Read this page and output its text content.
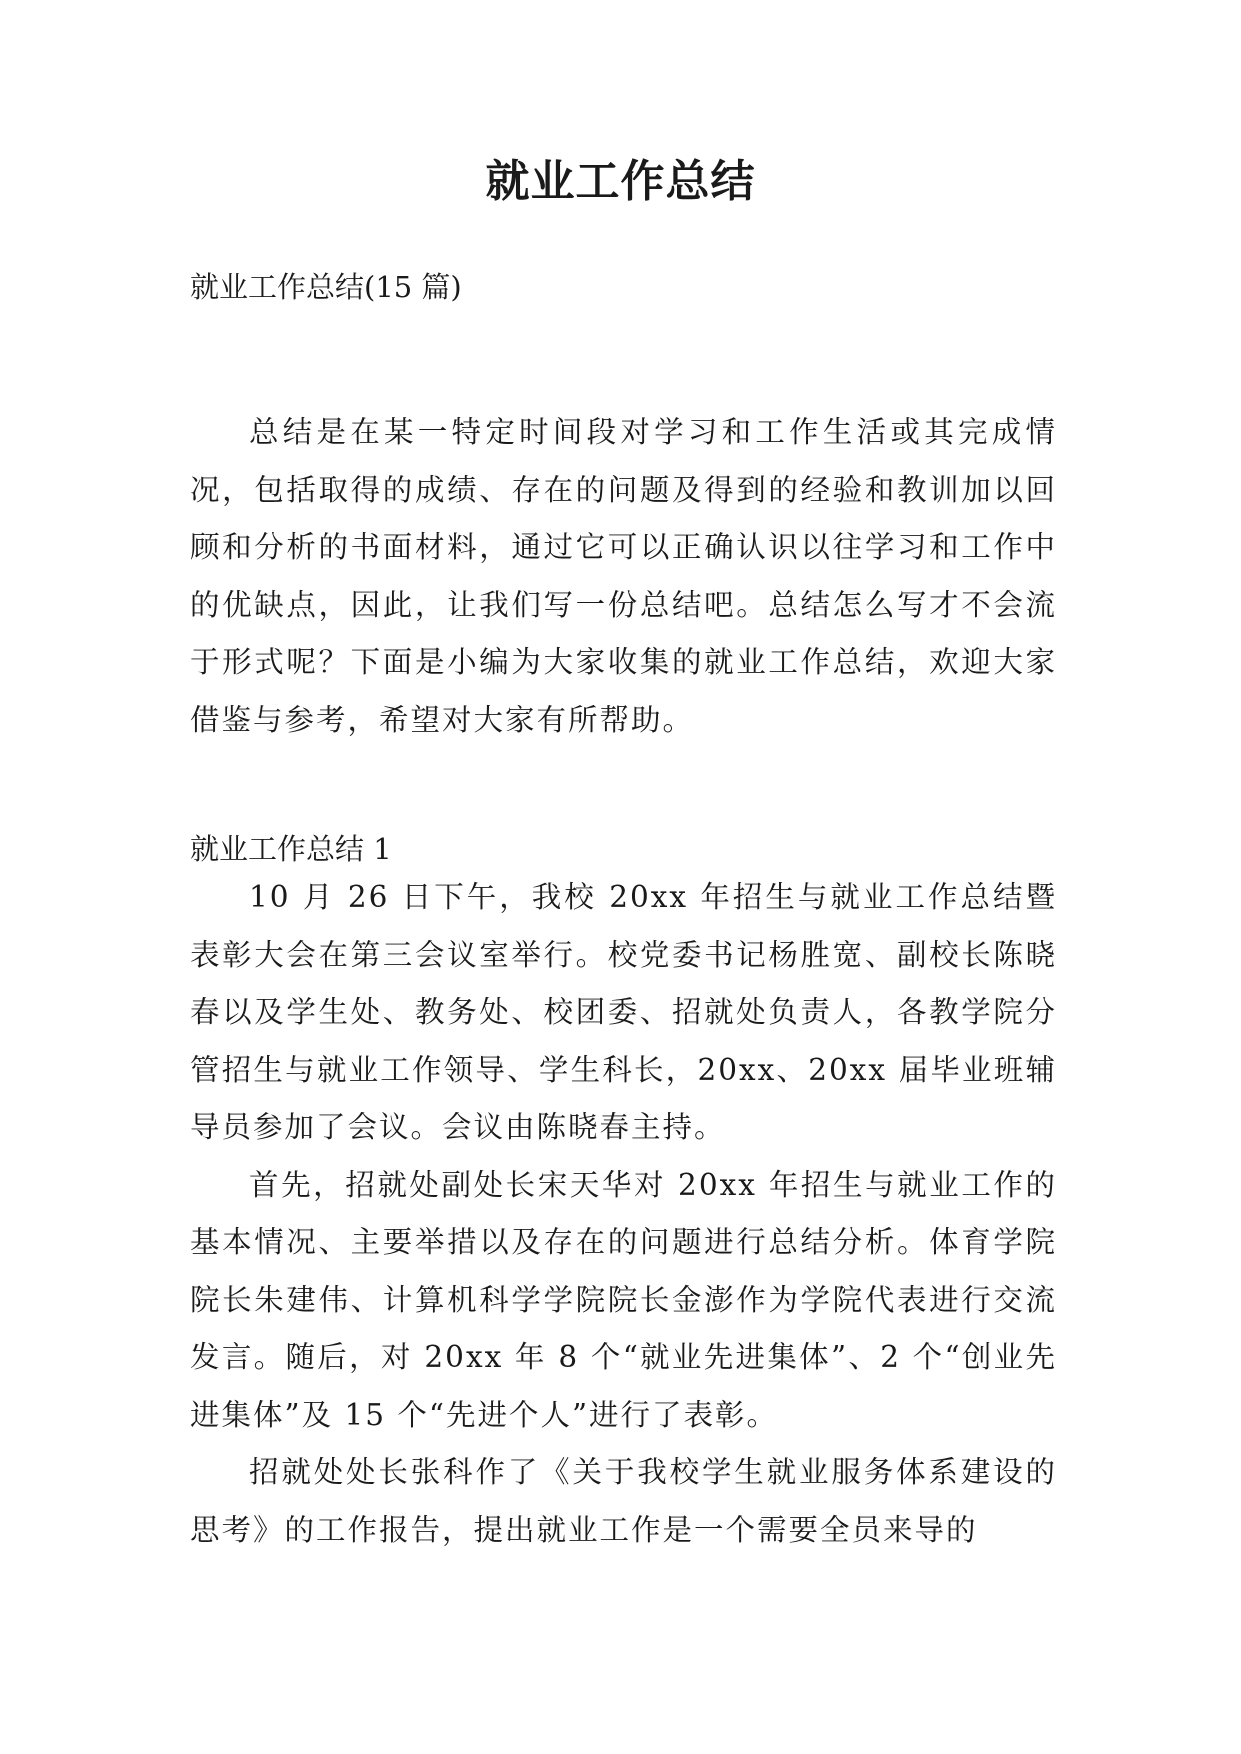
就业工作总结

就业工作总结(15 篇)

总结是在某一特定时间段对学习和工作生活或其完成情况，包括取得的成绩、存在的问题及得到的经验和教训加以回顾和分析的书面材料，通过它可以正确认识以往学习和工作中的优缺点，因此，让我们写一份总结吧。总结怎么写才不会流于形式呢？下面是小编为大家收集的就业工作总结，欢迎大家借鉴与参考，希望对大家有所帮助。

就业工作总结 1

10 月 26 日下午，我校 20xx 年招生与就业工作总结暨表彰大会在第三会议室举行。校党委书记杨胜宽、副校长陈晓春以及学生处、教务处、校团委、招就处负责人，各教学院分管招生与就业工作领导、学生科长，20xx、20xx 届毕业班辅导员参加了会议。会议由陈晓春主持。

首先，招就处副处长宋天华对 20xx 年招生与就业工作的基本情况、主要举措以及存在的问题进行总结分析。体育学院院长朱建伟、计算机科学学院院长金澎作为学院代表进行交流发言。随后，对 20xx 年 8 个“就业先进集体”、2 个“创业先进集体”及 15 个“先进个人”进行了表彰。

招就处处长张科作了《关于我校学生就业服务体系建设的思考》的工作报告，提出就业工作是一个需要全员来导的
